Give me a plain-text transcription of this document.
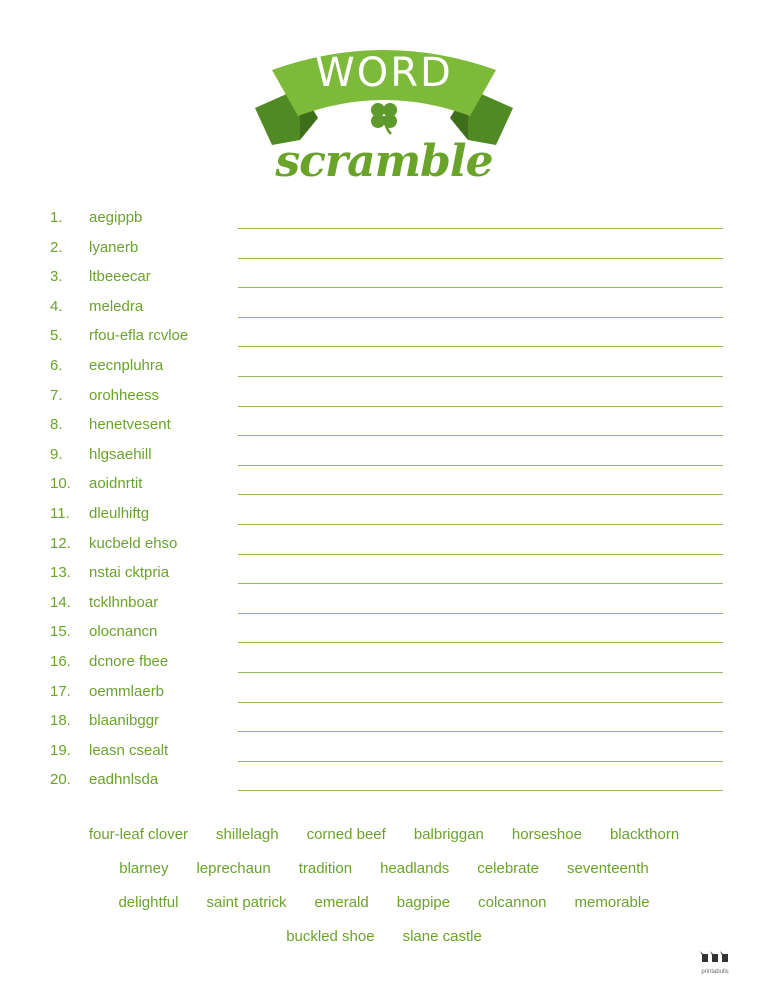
WORD
scramble
1. aegippb
2. lyanerb
3. ltbeeecar
4. meledra
5. rfou-efla rcvloe
6. eecnpluhra
7. orohheess
8. henetvesent
9. hlgsaehill
10. aoidnrtit
11. dleulhiftg
12. kucbeld ehso
13. nstai cktpria
14. tcklhnboar
15. olocnancn
16. dcnore fbee
17. oemmlaerb
18. blaanibggr
19. leasn csealt
20. eadhnlsda
four-leaf clover shillelagh corned beef balbriggan horseshoe blackthorn
blarney leprechaun tradition headlands celebrate seventeenth
delightful saint patrick emerald bagpipe colcannon memorable
buckled shoe slane castle
printabulls
